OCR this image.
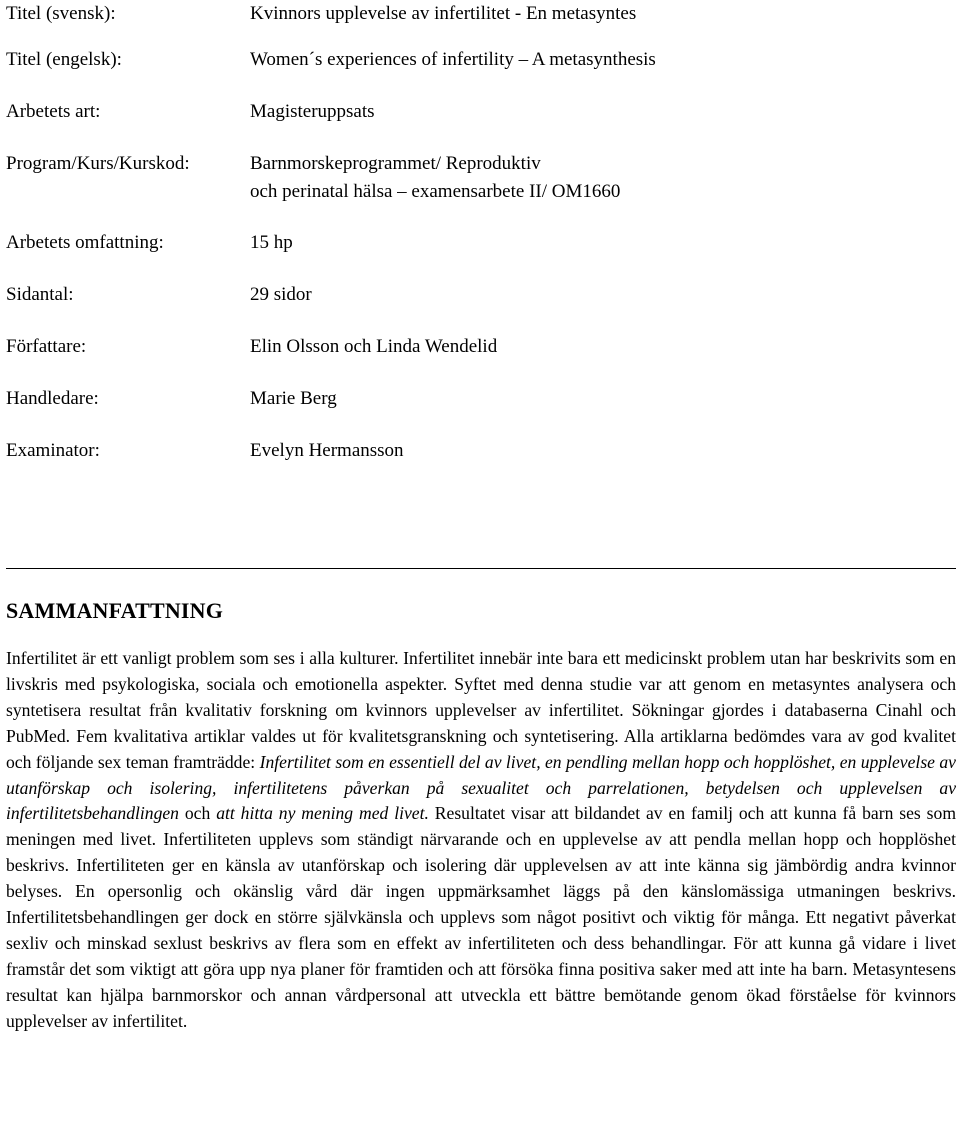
Titel (svensk):	Kvinnors upplevelse av infertilitet - En metasyntes
Titel (engelsk):	Women´s experiences of infertility – A metasynthesis
Arbetets art:	Magisteruppsats
Program/Kurs/Kurskod:	Barnmorskeprogrammet/ Reproduktiv
och perinatal hälsa – examensarbete II/ OM1660
Arbetets omfattning:	15 hp
Sidantal:	29 sidor
Författare:	Elin Olsson och Linda Wendelid
Handledare:	Marie Berg
Examinator:	Evelyn Hermansson
SAMMANFATTNING

Infertilitet är ett vanligt problem som ses i alla kulturer. Infertilitet innebär inte bara ett medicinskt problem utan har beskrivits som en livskris med psykologiska, sociala och emotionella aspekter. Syftet med denna studie var att genom en metasyntes analysera och syntetisera resultat från kvalitativ forskning om kvinnors upplevelser av infertilitet. Sökningar gjordes i databaserna Cinahl och PubMed. Fem kvalitativa artiklar valdes ut för kvalitetsgranskning och syntetisering. Alla artiklarna bedömdes vara av god kvalitet och följande sex teman framträdde: Infertilitet som en essentiell del av livet, en pendling mellan hopp och hopplöshet, en upplevelse av utanförskap och isolering, infertilitetens påverkan på sexualitet och parrelationen, betydelsen och upplevelsen av infertilitetsbehandlingen och att hitta ny mening med livet. Resultatet visar att bildandet av en familj och att kunna få barn ses som meningen med livet. Infertiliteten upplevs som ständigt närvarande och en upplevelse av att pendla mellan hopp och hopplöshet beskrivs. Infertiliteten ger en känsla av utanförskap och isolering där upplevelsen av att inte känna sig jämbördig andra kvinnor belyses. En opersonlig och okänslig vård där ingen uppmärksamhet läggs på den känslomässiga utmaningen beskrivs. Infertilitetsbehandlingen ger dock en större självkänsla och upplevs som något positivt och viktig för många. Ett negativt påverkat sexliv och minskad sexlust beskrivs av flera som en effekt av infertiliteten och dess behandlingar. För att kunna gå vidare i livet framstår det som viktigt att göra upp nya planer för framtiden och att försöka finna positiva saker med att inte ha barn. Metasyntesens resultat kan hjälpa barnmorskor och annan vårdpersonal att utveckla ett bättre bemötande genom ökad förståelse för kvinnors upplevelser av infertilitet.
